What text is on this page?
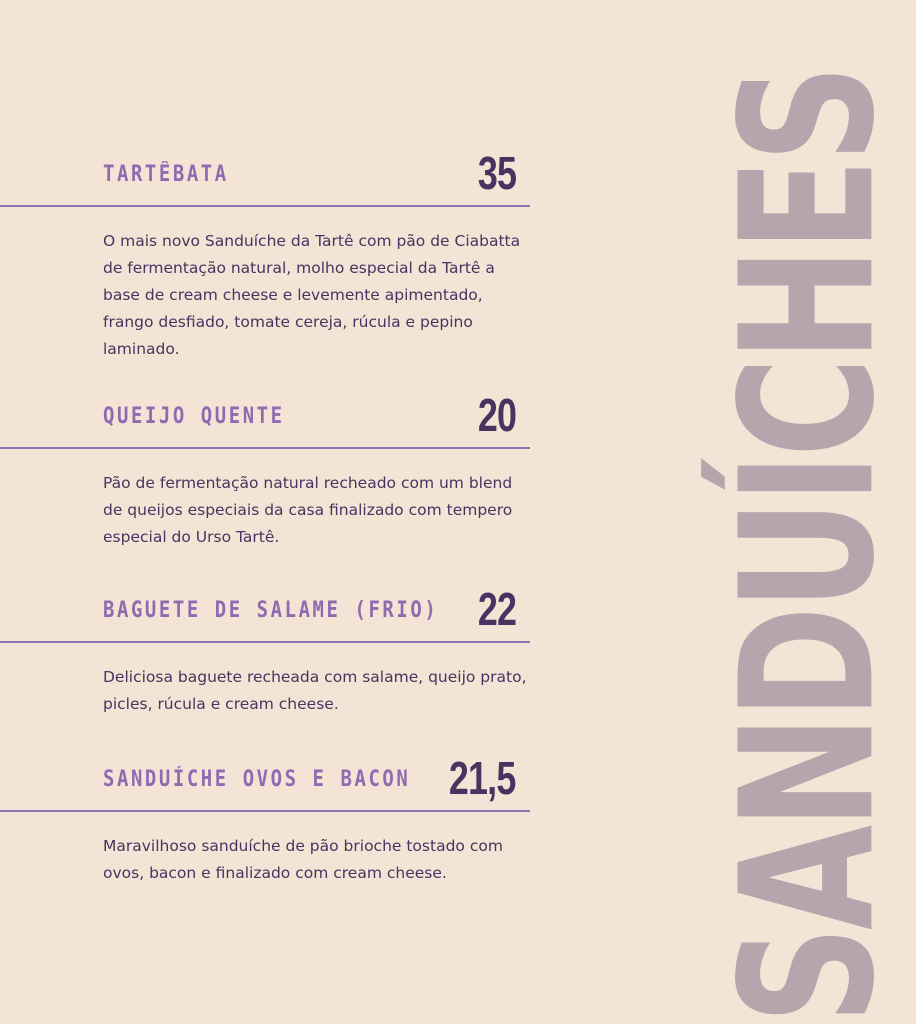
TARTÊBATA	35

O mais novo Sanduíche da Tartê com pão de Ciabatta de fermentação natural, molho especial da Tartê a base de cream cheese e levemente apimentado, frango desfiado, tomate cereja, rúcula e pepino laminado.

QUEIJO QUENTE	20

Pão de fermentação natural recheado com um blend de queijos especiais da casa finalizado com tempero especial do Urso Tartê.

BAGUETE DE SALAME (FRIO) 22

Deliciosa baguete recheada com salame, queijo prato, picles, rúcula e cream cheese.

SANDUÍCHE OVOS E BACON 21,5

Maravilhoso sanduíche de pão brioche tostado com ovos, bacon e finalizado com cream cheese.	SANDUÍCHES
